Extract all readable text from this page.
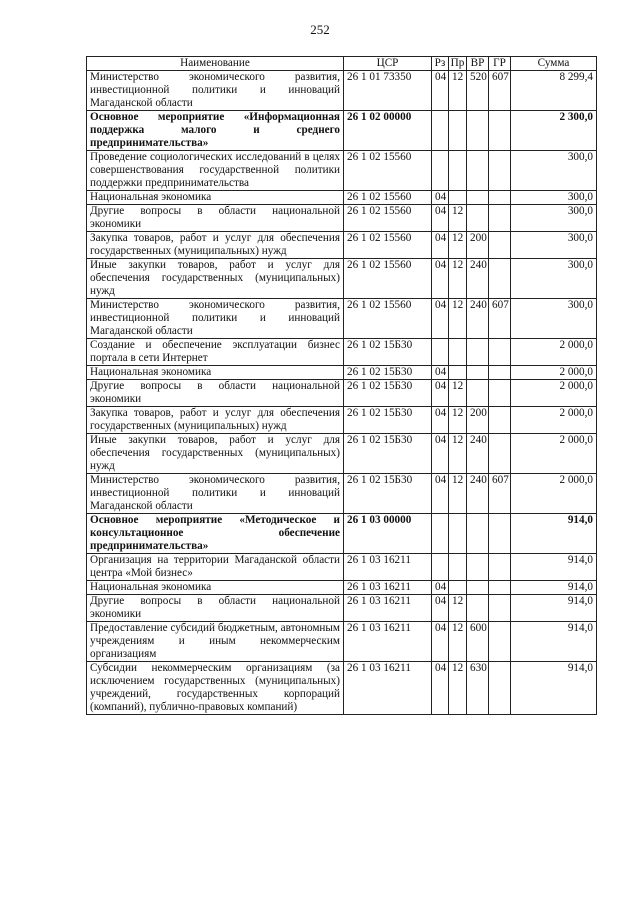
252
Наименование	ЦСР	Рз	Пр	ВР	ГР	Сумма
Министерство экономического развития, инвестиционной политики и инноваций Магаданской области	26 1 01 73350	04	12	520	607	8 299,4
Основное мероприятие «Информационная поддержка малого и среднего предпринимательства»	26 1 02 00000					2 300,0
Проведение социологических исследований в целях совершенствования государственной политики поддержки предпринимательства	26 1 02 15560					300,0
Национальная экономика	26 1 02 15560	04				300,0
Другие вопросы в области национальной экономики	26 1 02 15560	04	12			300,0
Закупка товаров, работ и услуг для обеспечения государственных (муниципальных) нужд	26 1 02 15560	04	12	200		300,0
Иные закупки товаров, работ и услуг для обеспечения государственных (муниципальных) нужд	26 1 02 15560	04	12	240		300,0
Министерство экономического развития, инвестиционной политики и инноваций Магаданской области	26 1 02 15560	04	12	240	607	300,0
Создание и обеспечение эксплуатации бизнес портала в сети Интернет	26 1 02 15Б30					2 000,0
Национальная экономика	26 1 02 15Б30	04				2 000,0
Другие вопросы в области национальной экономики	26 1 02 15Б30	04	12			2 000,0
Закупка товаров, работ и услуг для обеспечения государственных (муниципальных) нужд	26 1 02 15Б30	04	12	200		2 000,0
Иные закупки товаров, работ и услуг для обеспечения государственных (муниципальных) нужд	26 1 02 15Б30	04	12	240		2 000,0
Министерство экономического развития, инвестиционной политики и инноваций Магаданской области	26 1 02 15Б30	04	12	240	607	2 000,0
Основное мероприятие «Методическое и консультационное обеспечение предпринимательства»	26 1 03 00000					914,0
Организация на территории Магаданской области центра «Мой бизнес»	26 1 03 16211					914,0
Национальная экономика	26 1 03 16211	04				914,0
Другие вопросы в области национальной экономики	26 1 03 16211	04	12			914,0
Предоставление субсидий бюджетным, автономным учреждениям и иным некоммерческим организациям	26 1 03 16211	04	12	600		914,0
Субсидии некоммерческим организациям (за исключением государственных (муниципальных) учреждений, государственных корпораций (компаний), публично-правовых компаний)	26 1 03 16211	04	12	630		914,0
